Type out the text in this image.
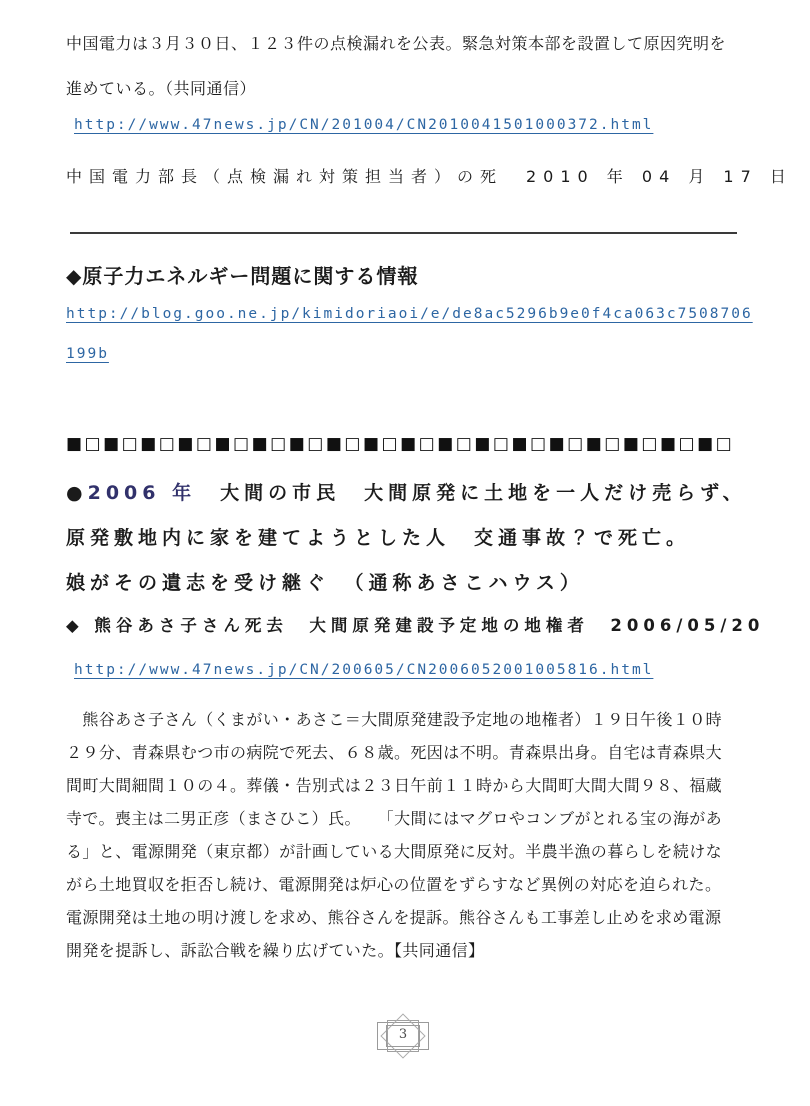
中国電力は３月３０日、１２３件の点検漏れを公表。緊急対策本部を設置して原因究明を
進めている。（共同通信）
http://www.47news.jp/CN/201004/CN2010041501000372.html
中国電力部長（点検漏れ対策担当者）の死　2010 年 04 月 17 日
◆原子力エネルギー問題に関する情報
http://blog.goo.ne.jp/kimidoriaoi/e/de8ac5296b9e0f4ca063c7508706
199b
■□■□■□■□■□■□■□■□■□■□■□■□■□■□■□■□■□■□
●2006 年　大間の市民　大間原発に土地を一人だけ売らず、
原発敷地内に家を建てようとした人　交通事故？で死亡。
娘がその遺志を受け継ぐ　（通称あさこハウス）
◆ 熊谷あさ子さん死去　大間原発建設予定地の地権者　2006/05/20
http://www.47news.jp/CN/200605/CN2006052001005816.html
　熊谷あさ子さん（くまがい・あさこ＝大間原発建設予定地の地権者）１９日午後１０時
２９分、青森県むつ市の病院で死去、６８歳。死因は不明。青森県出身。自宅は青森県大
間町大間細間１０の４。葬儀・告別式は２３日午前１１時から大間町大間大間９８、福蔵
寺で。喪主は二男正彦（まさひこ）氏。　　「大間にはマグロやコンブがとれる宝の海があ
る」と、電源開発（東京都）が計画している大間原発に反対。半農半漁の暮らしを続けな
がら土地買収を拒否し続け、電源開発は炉心の位置をずらすなど異例の対応を迫られた。
電源開発は土地の明け渡しを求め、熊谷さんを提訴。熊谷さんも工事差し止めを求め電源
開発を提訴し、訴訟合戦を繰り広げていた。【共同通信】
3
